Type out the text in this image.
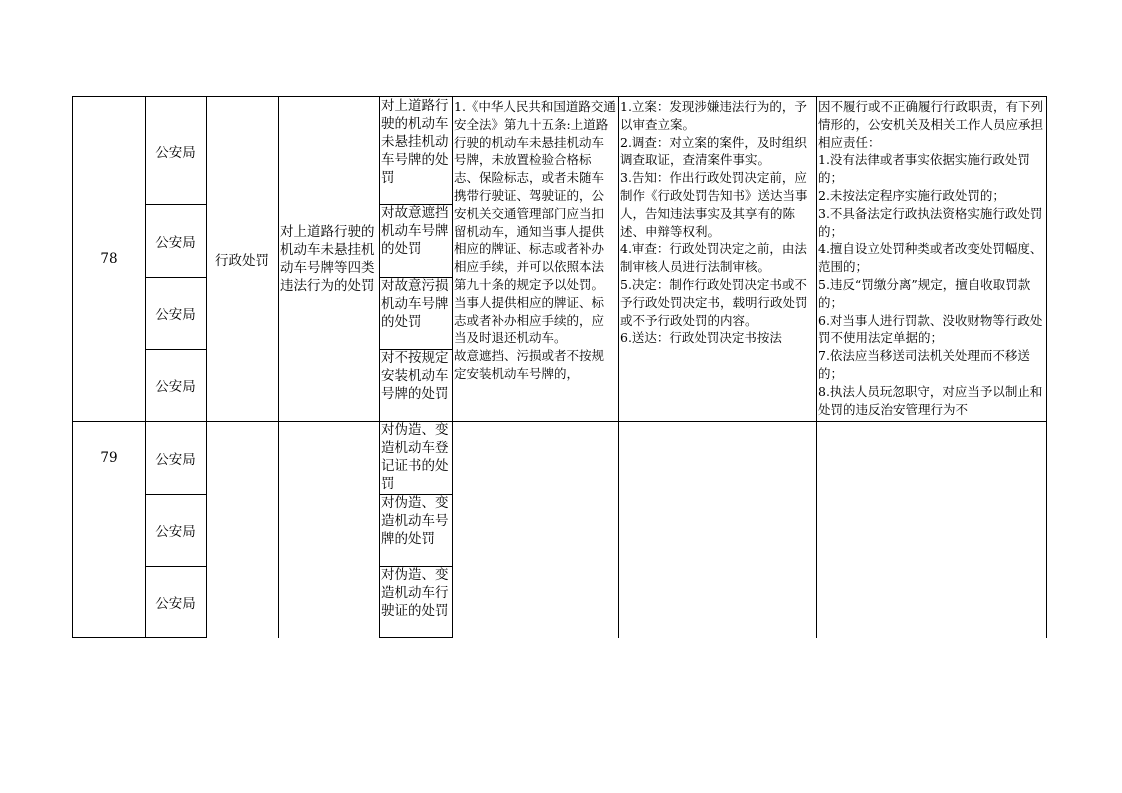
78
公安局
公安局
公安局
公安局
行政处罚
对上道路行驶的机动车未悬挂机动车号牌等四类违法行为的处罚
对上道路行驶的机动车未悬挂机动车号牌的处罚
对故意遮挡机动车号牌的处罚
对故意污损机动车号牌的处罚
对不按规定安装机动车号牌的处罚
1.《中华人民共和国道路交通安全法》第九十五条:上道路行驶的机动车未悬挂机动车号牌，未放置检验合格标志、保险标志，或者未随车携带行驶证、驾驶证的，公安机关交通管理部门应当扣留机动车，通知当事人提供相应的牌证、标志或者补办相应手续，并可以依照本法第九十条的规定予以处罚。当事人提供相应的牌证、标志或者补办相应手续的，应当及时退还机动车。
故意遮挡、污损或者不按规定安装机动车号牌的，
1.立案：发现涉嫌违法行为的，予以审查立案。
2.调查：对立案的案件，及时组织调查取证，查清案件事实。
3.告知：作出行政处罚决定前，应制作《行政处罚告知书》送达当事人，告知违法事实及其享有的陈述、申辩等权利。
4.审查：行政处罚决定之前，由法制审核人员进行法制审核。
5.决定：制作行政处罚决定书或不予行政处罚决定书，载明行政处罚或不予行政处罚的内容。
6.送达：行政处罚决定书按法
因不履行或不正确履行行政职责，有下列情形的，公安机关及相关工作人员应承担相应责任：
1.没有法律或者事实依据实施行政处罚的；
2.未按法定程序实施行政处罚的；
3.不具备法定行政执法资格实施行政处罚的；
4.擅自设立处罚种类或者改变处罚幅度、范围的；
5.违反“罚缴分离”规定，擅自收取罚款的；
6.对当事人进行罚款、没收财物等行政处罚不使用法定单据的；
7.依法应当移送司法机关处理而不移送的；
8.执法人员玩忽职守，对应当予以制止和处罚的违反治安管理行为不
79	公安局
公安局
公安局
对伪造、变造机动车登记证书的处罚
对伪造、变造机动车号牌的处罚
对伪造、变造机动车行驶证的处罚
